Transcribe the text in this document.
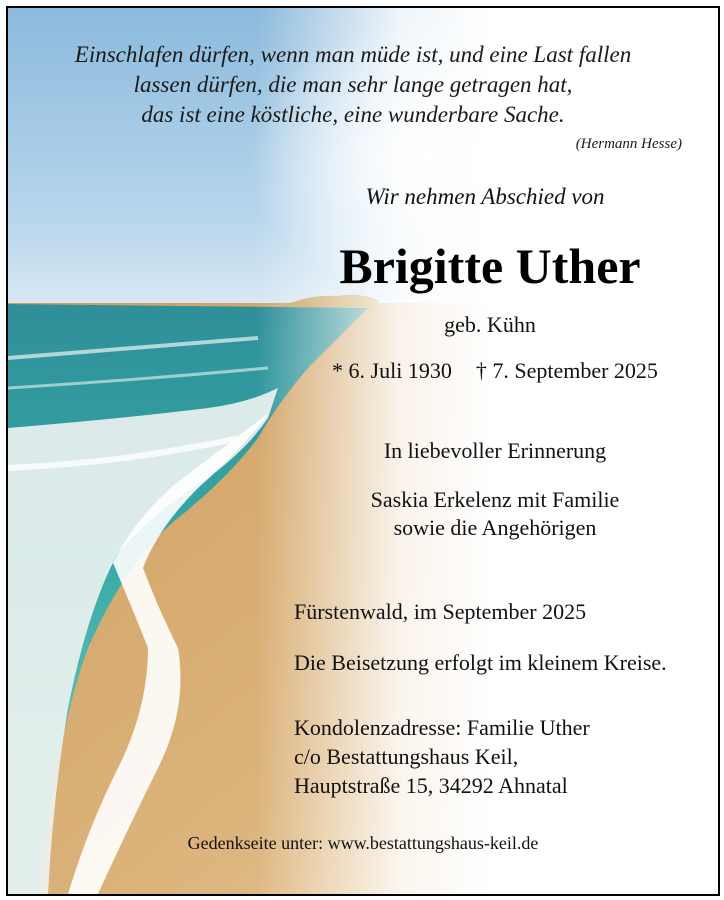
Einschlafen dürfen, wenn man müde ist, und eine Last fallen
lassen dürfen, die man sehr lange getragen hat,
das ist eine köstliche, eine wunderbare Sache.
(Hermann Hesse)
Wir nehmen Abschied von
Brigitte Uther
geb. Kühn
* 6. Juli 1930 † 7. September 2025
In liebevoller Erinnerung
Saskia Erkelenz mit Familie
sowie die Angehörigen
Fürstenwald, im September 2025
Die Beisetzung erfolgt im kleinem Kreise.
Kondolenzadresse: Familie Uther
c/o Bestattungshaus Keil,
Hauptstraße 15, 34292 Ahnatal
Gedenkseite unter: www.bestattungshaus-keil.de
